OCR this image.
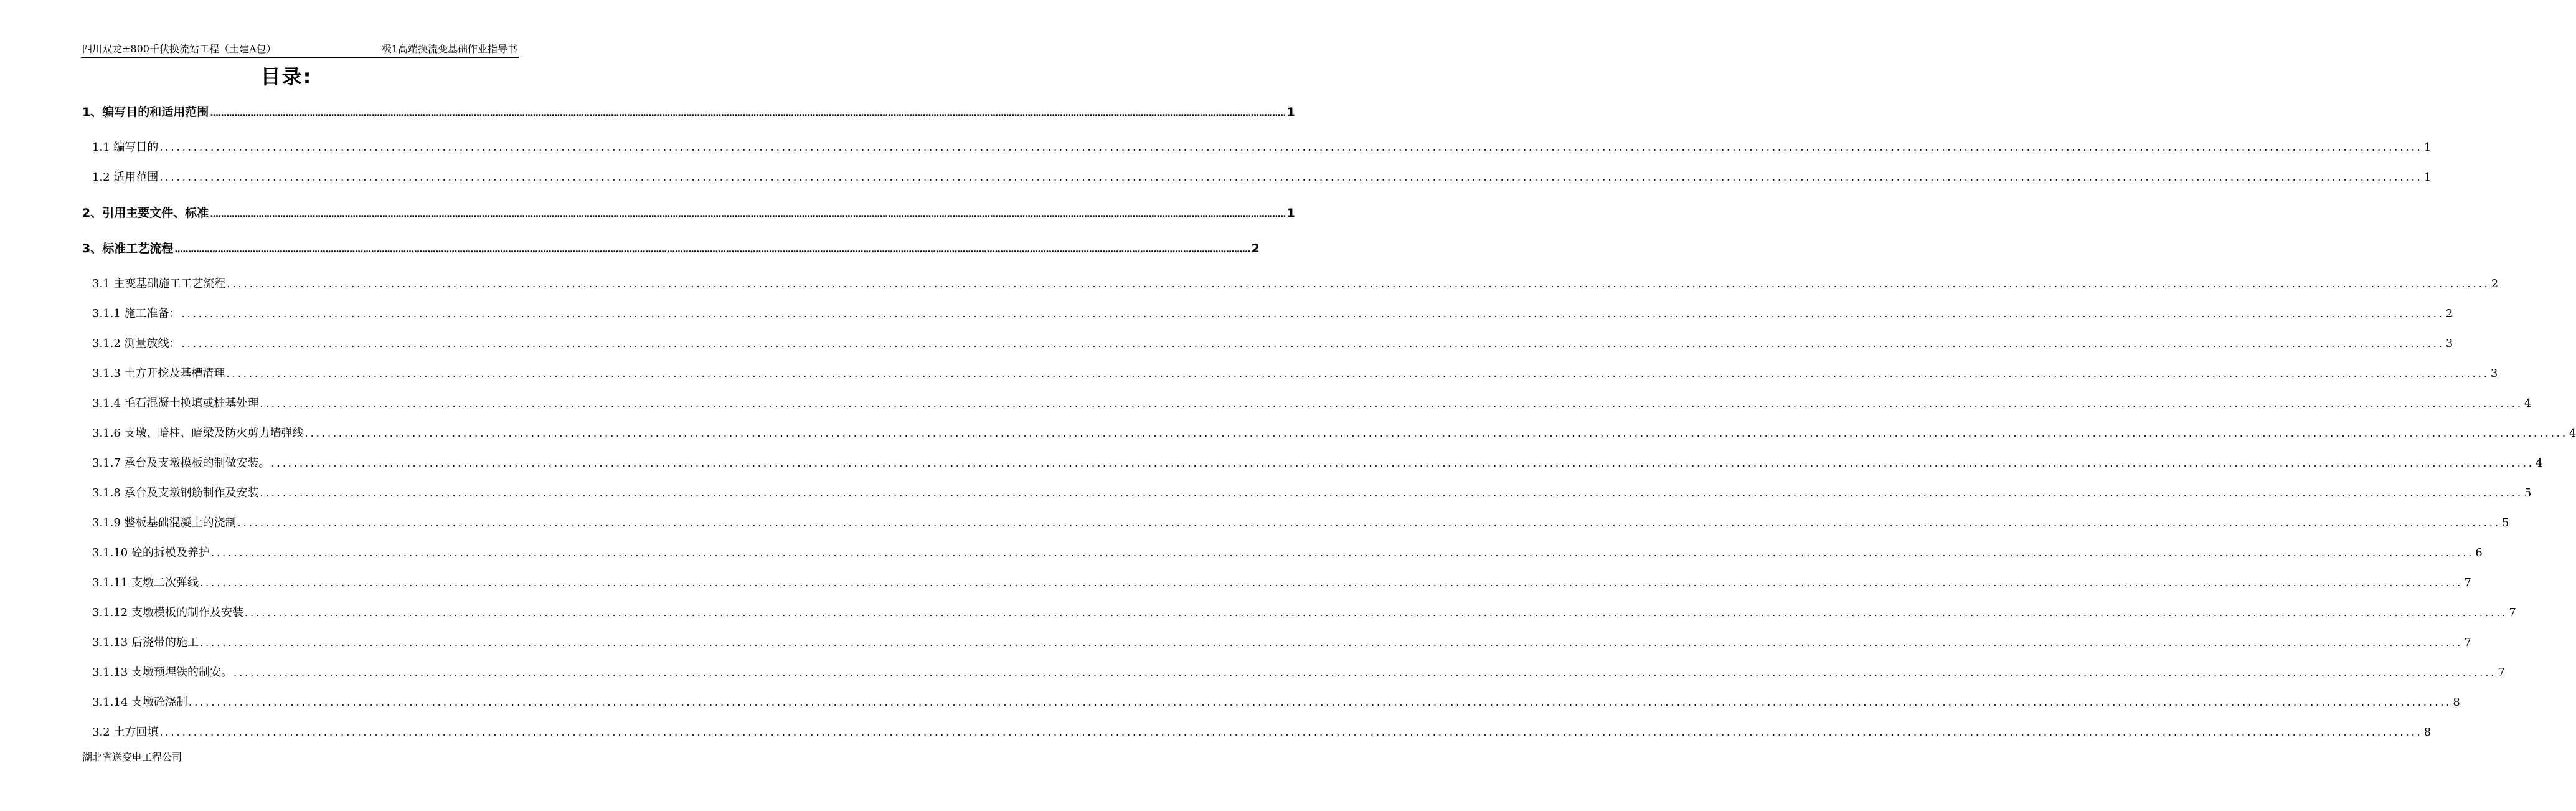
四川双龙±800千伏换流站工程（土建A包）	极1高端换流变基础作业指导书
目录:
1、编写目的和适用范围 ................................................................................................................................................................................................................................................................................................................................................................................................................ 1
1.1 编写目的 ................................................................................................................................................................................................................................................................................................................................................................................................................ 1
1.2 适用范围 ................................................................................................................................................................................................................................................................................................................................................................................................................ 1
2、引用主要文件、标准 ................................................................................................................................................................................................................................................................................................................................................................................................................ 1
3、标准工艺流程 ................................................................................................................................................................................................................................................................................................................................................................................................................ 2
3.1 主变基础施工工艺流程 ................................................................................................................................................................................................................................................................................................................................................................................................................ 2
3.1.1 施工准备： ................................................................................................................................................................................................................................................................................................................................................................................................................ 2
3.1.2 测量放线： ................................................................................................................................................................................................................................................................................................................................................................................................................ 3
3.1.3 土方开挖及基槽清理 ................................................................................................................................................................................................................................................................................................................................................................................................................ 3
3.1.4 毛石混凝土换填或桩基处理 ................................................................................................................................................................................................................................................................................................................................................................................................................ 4
3.1.6 支墩、暗柱、暗梁及防火剪力墙弹线 ................................................................................................................................................................................................................................................................................................................................................................................................................ 4
3.1.7 承台及支墩模板的制做安装。 ................................................................................................................................................................................................................................................................................................................................................................................................................ 4
3.1.8 承台及支墩钢筋制作及安装 ................................................................................................................................................................................................................................................................................................................................................................................................................ 5
3.1.9 整板基础混凝土的浇制 ................................................................................................................................................................................................................................................................................................................................................................................................................ 5
3.1.10 砼的拆模及养护 ................................................................................................................................................................................................................................................................................................................................................................................................................ 6
3.1.11 支墩二次弹线 ................................................................................................................................................................................................................................................................................................................................................................................................................ 7
3.1.12 支墩模板的制作及安装 ................................................................................................................................................................................................................................................................................................................................................................................................................ 7
3.1.13 后浇带的施工 ................................................................................................................................................................................................................................................................................................................................................................................................................ 7
3.1.13 支墩预埋铁的制安。 ................................................................................................................................................................................................................................................................................................................................................................................................................ 7
3.1.14 支墩砼浇制 ................................................................................................................................................................................................................................................................................................................................................................................................................ 8
3.2 土方回填 ................................................................................................................................................................................................................................................................................................................................................................................................................ 8
湖北省送变电工程公司
